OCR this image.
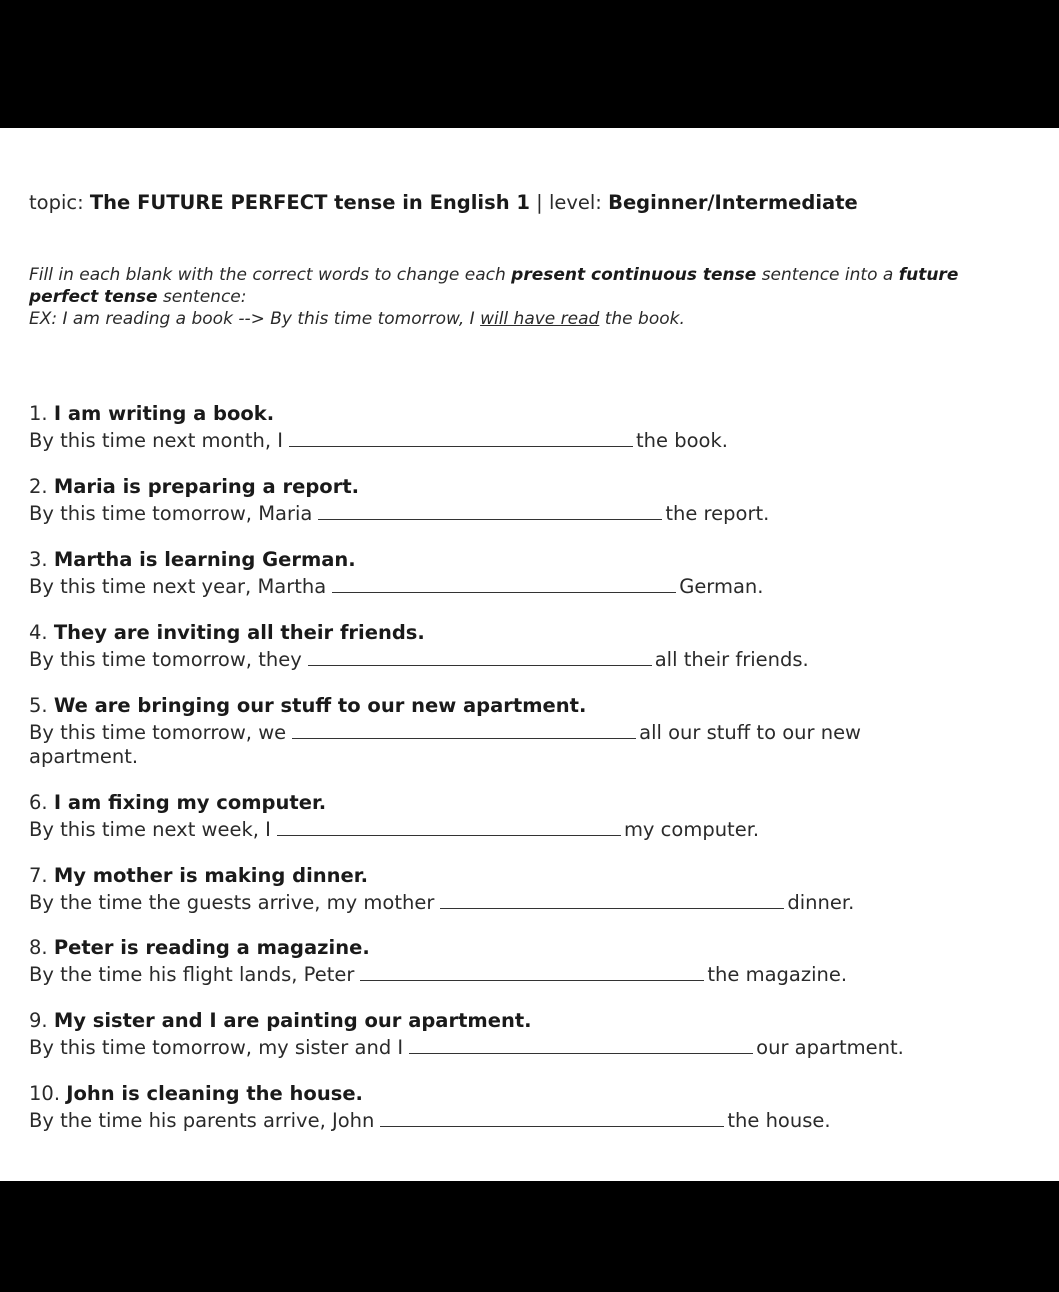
topic: The FUTURE PERFECT tense in English 1 | level: Beginner/Intermediate
Fill in each blank with the correct words to change each present continuous tense sentence into a future perfect tense sentence:
EX: I am reading a book --> By this time tomorrow, I will have read the book.
1. I am writing a book.
By this time next month, I	the book.
2. Maria is preparing a report.
By this time tomorrow, Maria	the report.
3. Martha is learning German.
By this time next year, Martha	German.
4. They are inviting all their friends.
By this time tomorrow, they	all their friends.
5. We are bringing our stuff to our new apartment.
By this time tomorrow, we	all our stuff to our new apartment.
6. I am fixing my computer.
By this time next week, I	my computer.
7. My mother is making dinner.
By the time the guests arrive, my mother	dinner.
8. Peter is reading a magazine.
By the time his flight lands, Peter	the magazine.
9. My sister and I are painting our apartment.
By this time tomorrow, my sister and I	our apartment.
10. John is cleaning the house.
By the time his parents arrive, John	the house.
